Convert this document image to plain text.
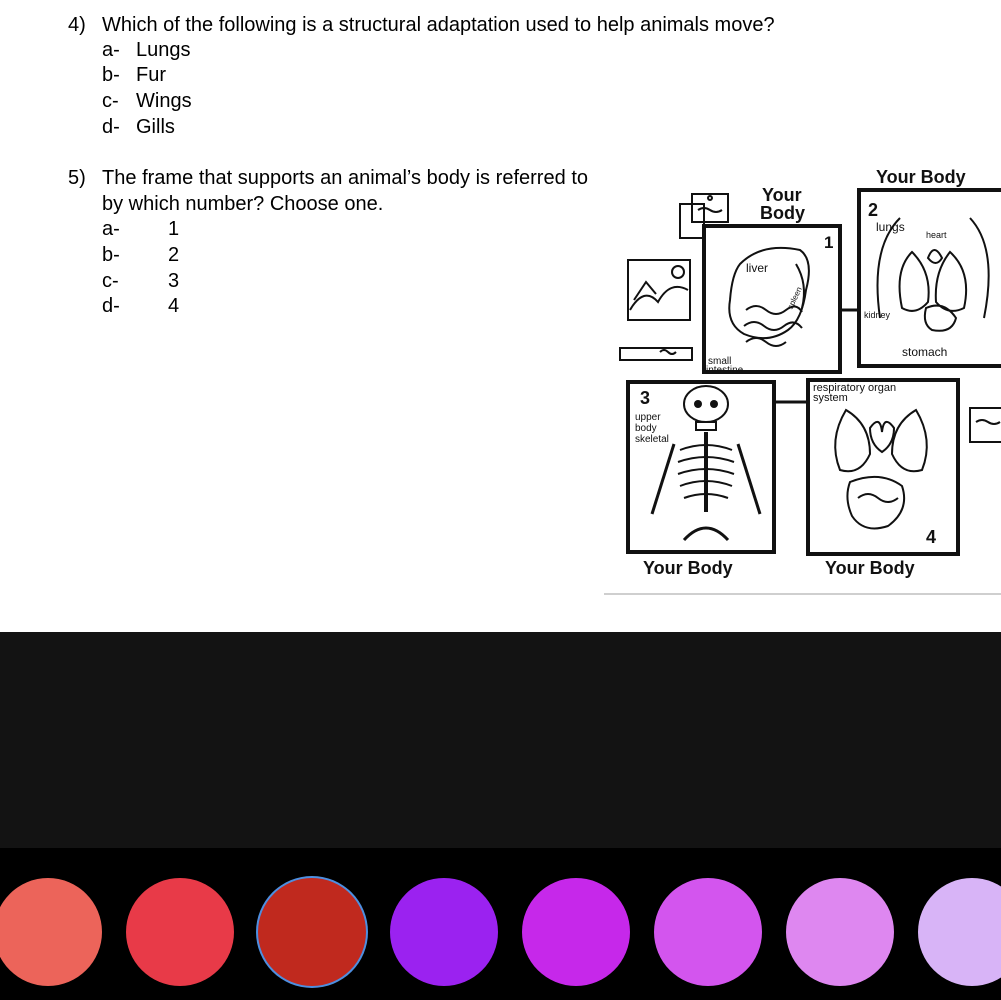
4) Which of the following is a structural adaptation used to help animals move?
a- Lungs
b- Fur
c- Wings
d- Gills
5) The frame that supports an animal’s body is referred to by which number? Choose one.
a- 1
b- 2
c- 3
d- 4
1
liver
spleen
small
intestine
Your
Body	2
lungs
heart
kidney
stomach
Your Body
3
upper
body
skeletal
Your Body
4
respiratory organ
system
Your Body
